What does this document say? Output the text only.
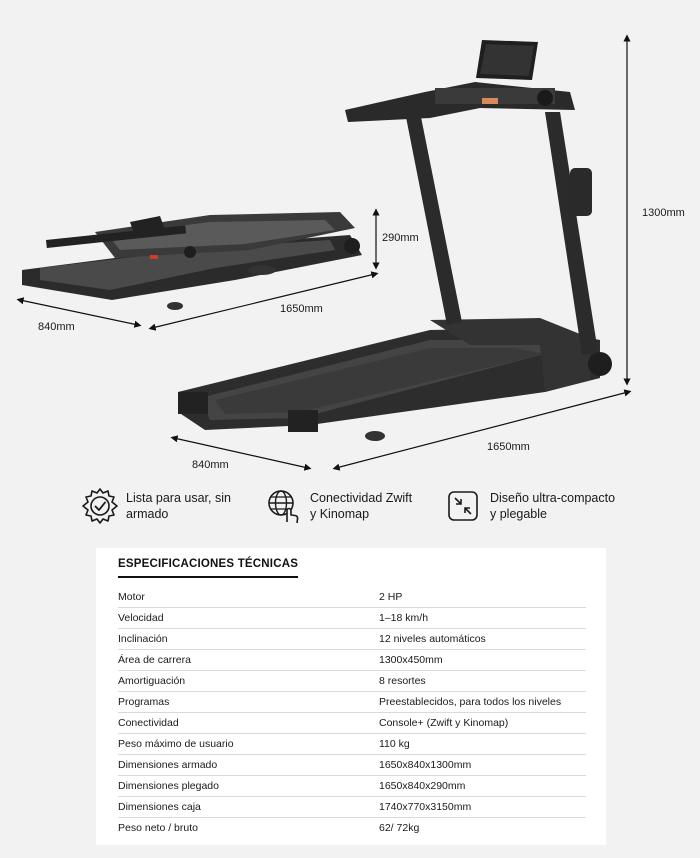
290mm
840mm
1650mm
1300mm
840mm
1650mm
Lista para usar, sin
armado
Conectividad Zwift
y Kinomap
Diseño ultra-compacto
y plegable
ESPECIFICACIONES TÉCNICAS
Motor	2 HP
Velocidad	1–18 km/h
Inclinación	12 niveles automáticos
Área de carrera	1300x450mm
Amortiguación	8 resortes
Programas	Preestablecidos, para todos los niveles
Conectividad	Console+ (Zwift y Kinomap)
Peso máximo de usuario	110 kg
Dimensiones armado	1650x840x1300mm
Dimensiones plegado	1650x840x290mm
Dimensiones caja	1740x770x3150mm
Peso neto / bruto	62/ 72kg
